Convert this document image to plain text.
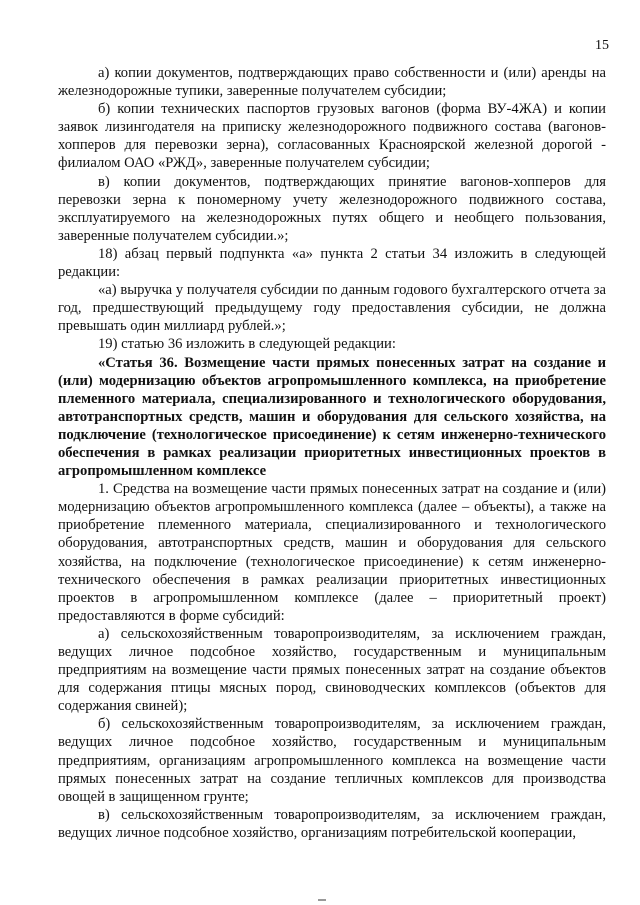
15

а) копии документов, подтверждающих право собственности и (или) аренды на железнодорожные тупики, заверенные получателем субсидии;

б) копии технических паспортов грузовых вагонов (форма ВУ-4ЖА) и копии заявок лизингодателя на приписку железнодорожного подвижного состава (вагонов-хопперов для перевозки зерна), согласованных Красноярской железной дорогой - филиалом ОАО «РЖД», заверенные получателем субсидии;

в) копии документов, подтверждающих принятие вагонов-хопперов для перевозки зерна к пономерному учету железнодорожного подвижного состава, эксплуатируемого на железнодорожных путях общего и необщего пользования, заверенные получателем субсидии.»;

18) абзац первый подпункта «а» пункта 2 статьи 34 изложить в следующей редакции:

«а) выручка у получателя субсидии по данным годового бухгалтерского отчета за год, предшествующий предыдущему году предоставления субсидии, не должна превышать один миллиард рублей.»;

19) статью 36 изложить в следующей редакции:

«Статья 36. Возмещение части прямых понесенных затрат на создание и (или) модернизацию объектов агропромышленного комплекса, на приобретение племенного материала, специализированного и технологического оборудования, автотранспортных средств, машин и оборудования для сельского хозяйства, на подключение (технологическое присоединение) к сетям инженерно-технического обеспечения в рамках реализации приоритетных инвестиционных проектов в агропромышленном комплексе

1. Средства на возмещение части прямых понесенных затрат на создание и (или) модернизацию объектов агропромышленного комплекса (далее – объекты), а также на приобретение племенного материала, специализированного и технологического оборудования, автотранспортных средств, машин и оборудования для сельского хозяйства, на подключение (технологическое присоединение) к сетям инженерно-технического обеспечения в рамках реализации приоритетных инвестиционных проектов в агропромышленном комплексе (далее – приоритетный проект) предоставляются в форме субсидий:

а) сельскохозяйственным товаропроизводителям, за исключением граждан, ведущих личное подсобное хозяйство, государственным и муниципальным предприятиям на возмещение части прямых понесенных затрат на создание объектов для содержания птицы мясных пород, свиноводческих комплексов (объектов для содержания свиней);

б) сельскохозяйственным товаропроизводителям, за исключением граждан, ведущих личное подсобное хозяйство, государственным и муниципальным предприятиям, организациям агропромышленного комплекса на возмещение части прямых понесенных затрат на создание тепличных комплексов для производства овощей в защищенном грунте;

в) сельскохозяйственным товаропроизводителям, за исключением граждан, ведущих личное подсобное хозяйство, организациям потребительской кооперации,
